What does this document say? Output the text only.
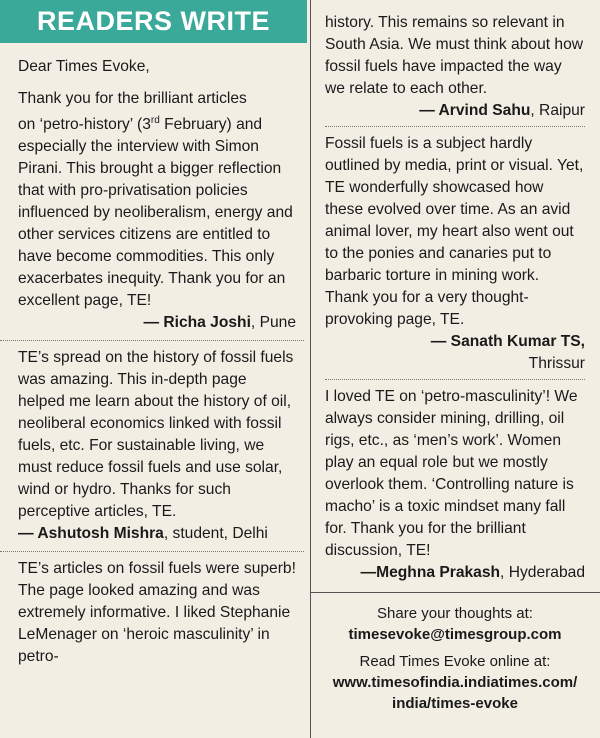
READERS WRITE

Dear Times Evoke,

Thank you for the brilliant articles
on ‘petro-history’ (3rd February) and especially the interview with Simon Pirani. This brought a bigger reflection that with pro-privatisation policies influenced by neoliberalism, energy and other services citizens are entitled to have become commodities. This only exacerbates inequity. Thank you for an excellent page, TE!

— Richa Joshi, Pune

TE’s spread on the history of fossil fuels was amazing. This in-depth page helped me learn about the history of oil, neoliberal economics linked with fossil fuels, etc. For sustainable living, we must reduce fossil fuels and use solar, wind or hydro. Thanks for such perceptive articles, TE.

— Ashutosh Mishra, student, Delhi

TE’s articles on fossil fuels were superb! The page looked amazing and was extremely informative. I liked Stephanie LeMenager on ‘heroic masculinity’ in petro-

history. This remains so relevant in South Asia. We must think about how fossil fuels have impacted the way we relate to each other.

— Arvind Sahu, Raipur

Fossil fuels is a subject hardly outlined by media, print or visual. Yet, TE wonderfully showcased how these evolved over time. As an avid animal lover, my heart also went out to the ponies and canaries put to barbaric torture in mining work. Thank you for a very thought-provoking page, TE.

— Sanath Kumar TS,
Thrissur

I loved TE on ‘petro-masculinity’! We always consider mining, drilling, oil rigs, etc., as ‘men’s work’. Women play an equal role but we mostly overlook them. ‘Controlling nature is macho’ is a toxic mindset many fall for. Thank you for the brilliant discussion, TE!

—Meghna Prakash, Hyderabad
Share your thoughts at:
timesevoke@timesgroup.com
Read Times Evoke online at:
www.timesofindia.indiatimes.com/
india/times-evoke
